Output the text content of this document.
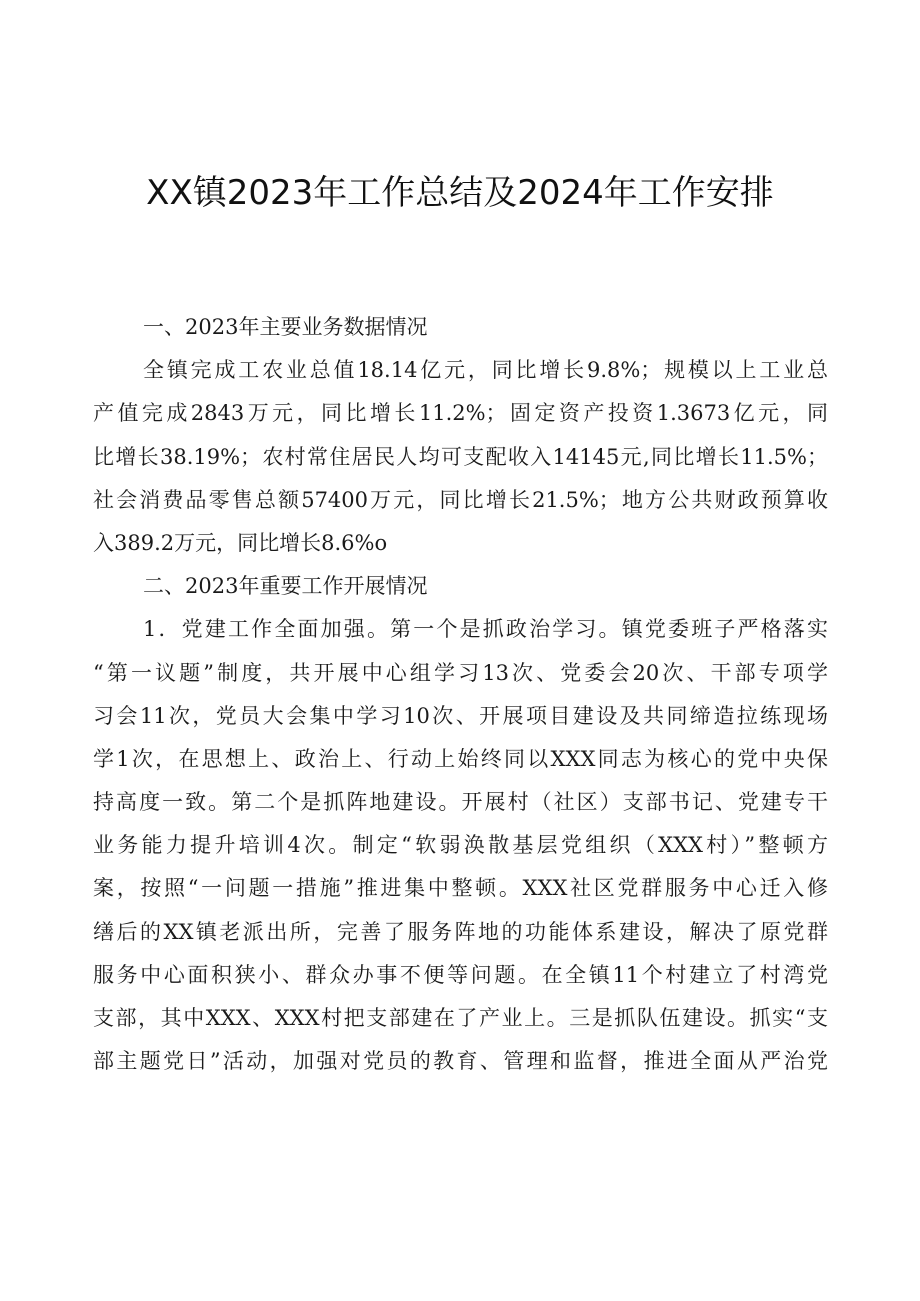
XX镇2023年工作总结及2024年工作安排
一、2023年主要业务数据情况
全镇完成工农业总值18.14亿元，同比增长9.8%；规模以上工业总
产值完成2843万元，同比增长11.2%；固定资产投资1.3673亿元，同
比增长38.19%；农村常住居民人均可支配收入14145元,同比增长11.5%；
社会消费品零售总额57400万元，同比增长21.5%；地方公共财政预算收
入389.2万元，同比增长8.6%o
二、2023年重要工作开展情况
1．党建工作全面加强。第一个是抓政治学习。镇党委班子严格落实
“第一议题”制度，共开展中心组学习13次、党委会20次、干部专项学
习会11次，党员大会集中学习10次、开展项目建设及共同缔造拉练现场
学1次，在思想上、政治上、行动上始终同以XXX同志为核心的党中央保
持高度一致。第二个是抓阵地建设。开展村（社区）支部书记、党建专干
业务能力提升培训4次。制定“软弱涣散基层党组织（XXX村）”整顿方
案，按照“一问题一措施”推进集中整顿。XXX社区党群服务中心迁入修
缮后的XX镇老派出所，完善了服务阵地的功能体系建设，解决了原党群
服务中心面积狭小、群众办事不便等问题。在全镇11个村建立了村湾党
支部，其中XXX、XXX村把支部建在了产业上。三是抓队伍建设。抓实“支
部主题党日”活动，加强对党员的教育、管理和监督，推进全面从严治党
